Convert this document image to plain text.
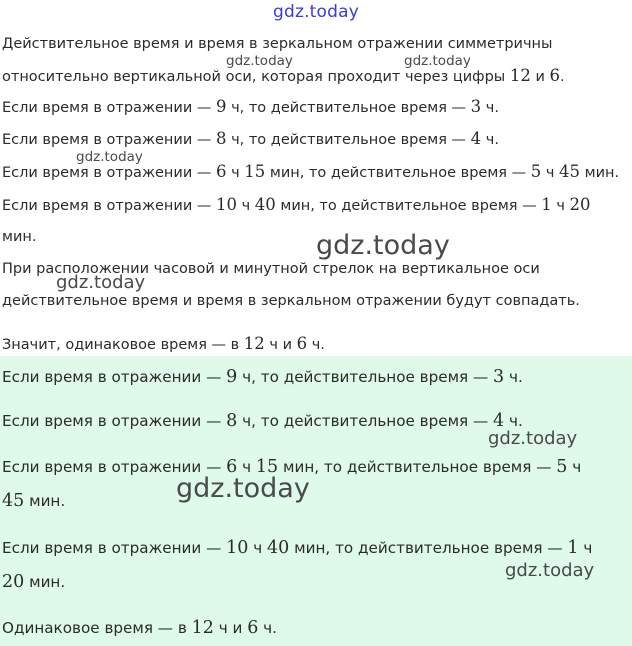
gdz.today
Действительное время и время в зеркальном отражении симметричны
относительно вертикальной оси, которая проходит через цифры 12 и 6.
Если время в отражении — 9 ч, то действительное время — 3 ч.
Если время в отражении — 8 ч, то действительное время — 4 ч.
Если время в отражении — 6 ч 15 мин, то действительное время — 5 ч 45 мин.
Если время в отражении — 10 ч 40 мин, то действительное время — 1 ч 20
мин.
При расположении часовой и минутной стрелок на вертикальное оси
действительное время и время в зеркальном отражении будут совпадать.
Значит, одинаковое время — в 12 ч и 6 ч.
Если время в отражении — 9 ч, то действительное время — 3 ч.
Если время в отражении — 8 ч, то действительное время — 4 ч.
Если время в отражении — 6 ч 15 мин, то действительное время — 5 ч
45 мин.
Если время в отражении — 10 ч 40 мин, то действительное время — 1 ч
20 мин.
Одинаковое время — в 12 ч и 6 ч.
gdz.today	gdz.today
gdz.today
gdz.today
gdz.today
gdz.today
gdz.today
gdz.today
